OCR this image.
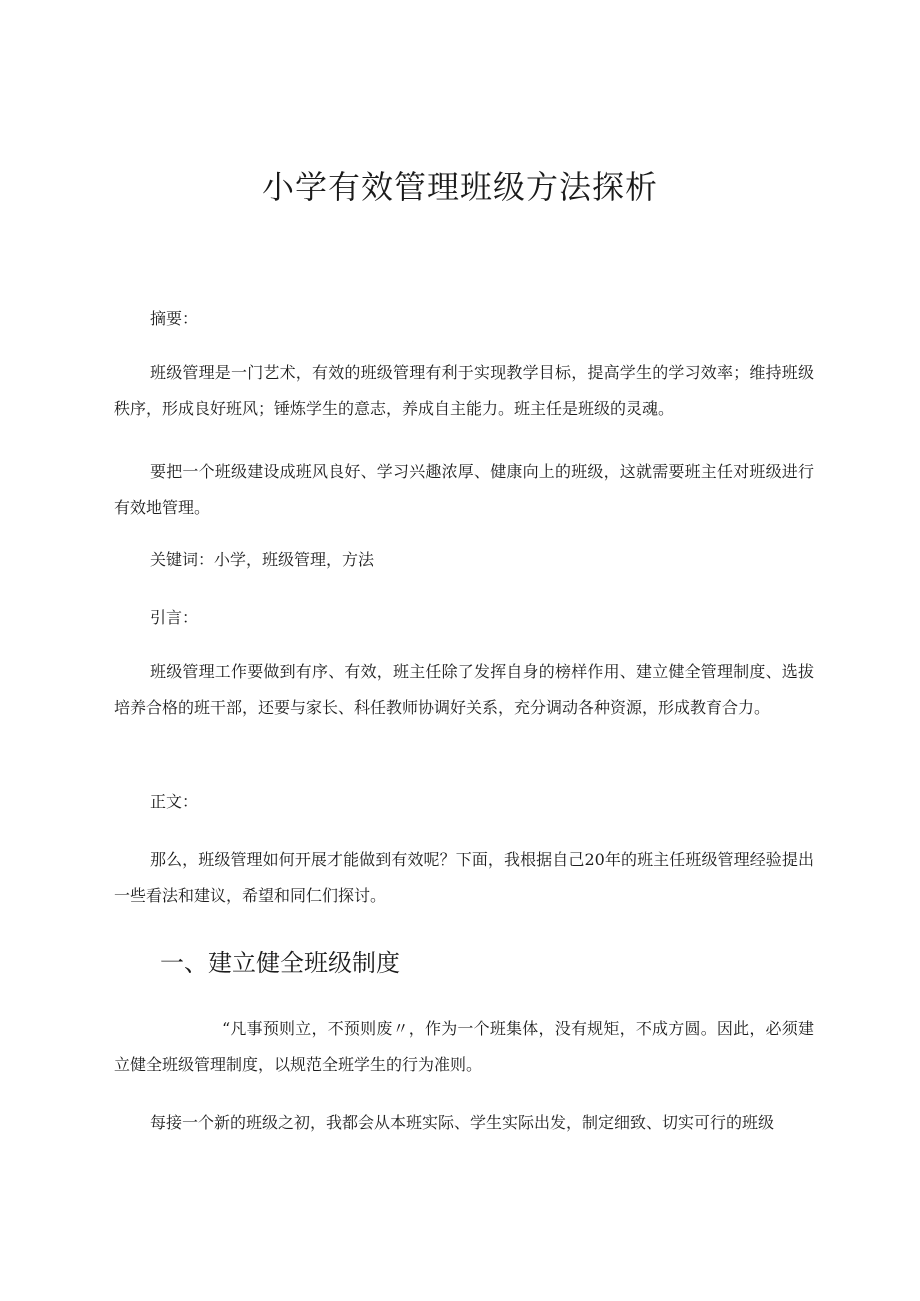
小学有效管理班级方法探析

摘要：

班级管理是一门艺术，有效的班级管理有利于实现教学目标，提高学生的学习效率；维持班级秩序，形成良好班风；锤炼学生的意志，养成自主能力。班主任是班级的灵魂。

要把一个班级建设成班风良好、学习兴趣浓厚、健康向上的班级，这就需要班主任对班级进行有效地管理。

关键词：小学，班级管理，方法

引言：

班级管理工作要做到有序、有效，班主任除了发挥自身的榜样作用、建立健全管理制度、选拔培养合格的班干部，还要与家长、科任教师协调好关系，充分调动各种资源，形成教育合力。

正文：

那么，班级管理如何开展才能做到有效呢？下面，我根据自己20年的班主任班级管理经验提出一些看法和建议，希望和同仁们探讨。

一、建立健全班级制度

“凡事预则立，不预则废〃，作为一个班集体，没有规矩，不成方圆。因此，必须建立健全班级管理制度，以规范全班学生的行为准则。

每接一个新的班级之初，我都会从本班实际、学生实际出发，制定细致、切实可行的班级
